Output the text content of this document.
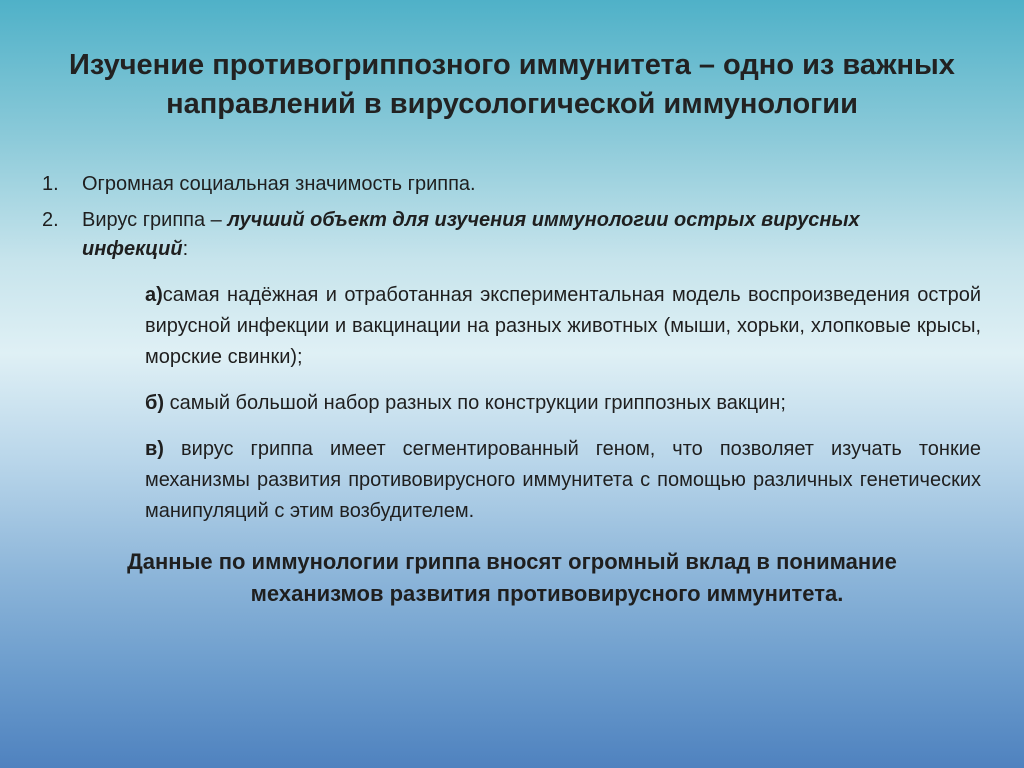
Изучение противогриппозного иммунитета – одно из важных направлений в вирусологической иммунологии
1. Огромная социальная значимость гриппа.
2. Вирус гриппа – лучший объект для изучения иммунологии острых вирусных инфекций:
а)самая надёжная и отработанная экспериментальная модель воспроизведения острой вирусной инфекции и вакцинации на разных животных (мыши, хорьки, хлопковые крысы, морские свинки);
б) самый большой набор разных по конструкции гриппозных вакцин;
в) вирус гриппа имеет сегментированный геном, что позволяет изучать тонкие механизмы развития противовирусного иммунитета с помощью различных генетических манипуляций с этим возбудителем.
Данные по иммунологии гриппа вносят огромный вклад в понимание
механизмов развития противовирусного иммунитета.
